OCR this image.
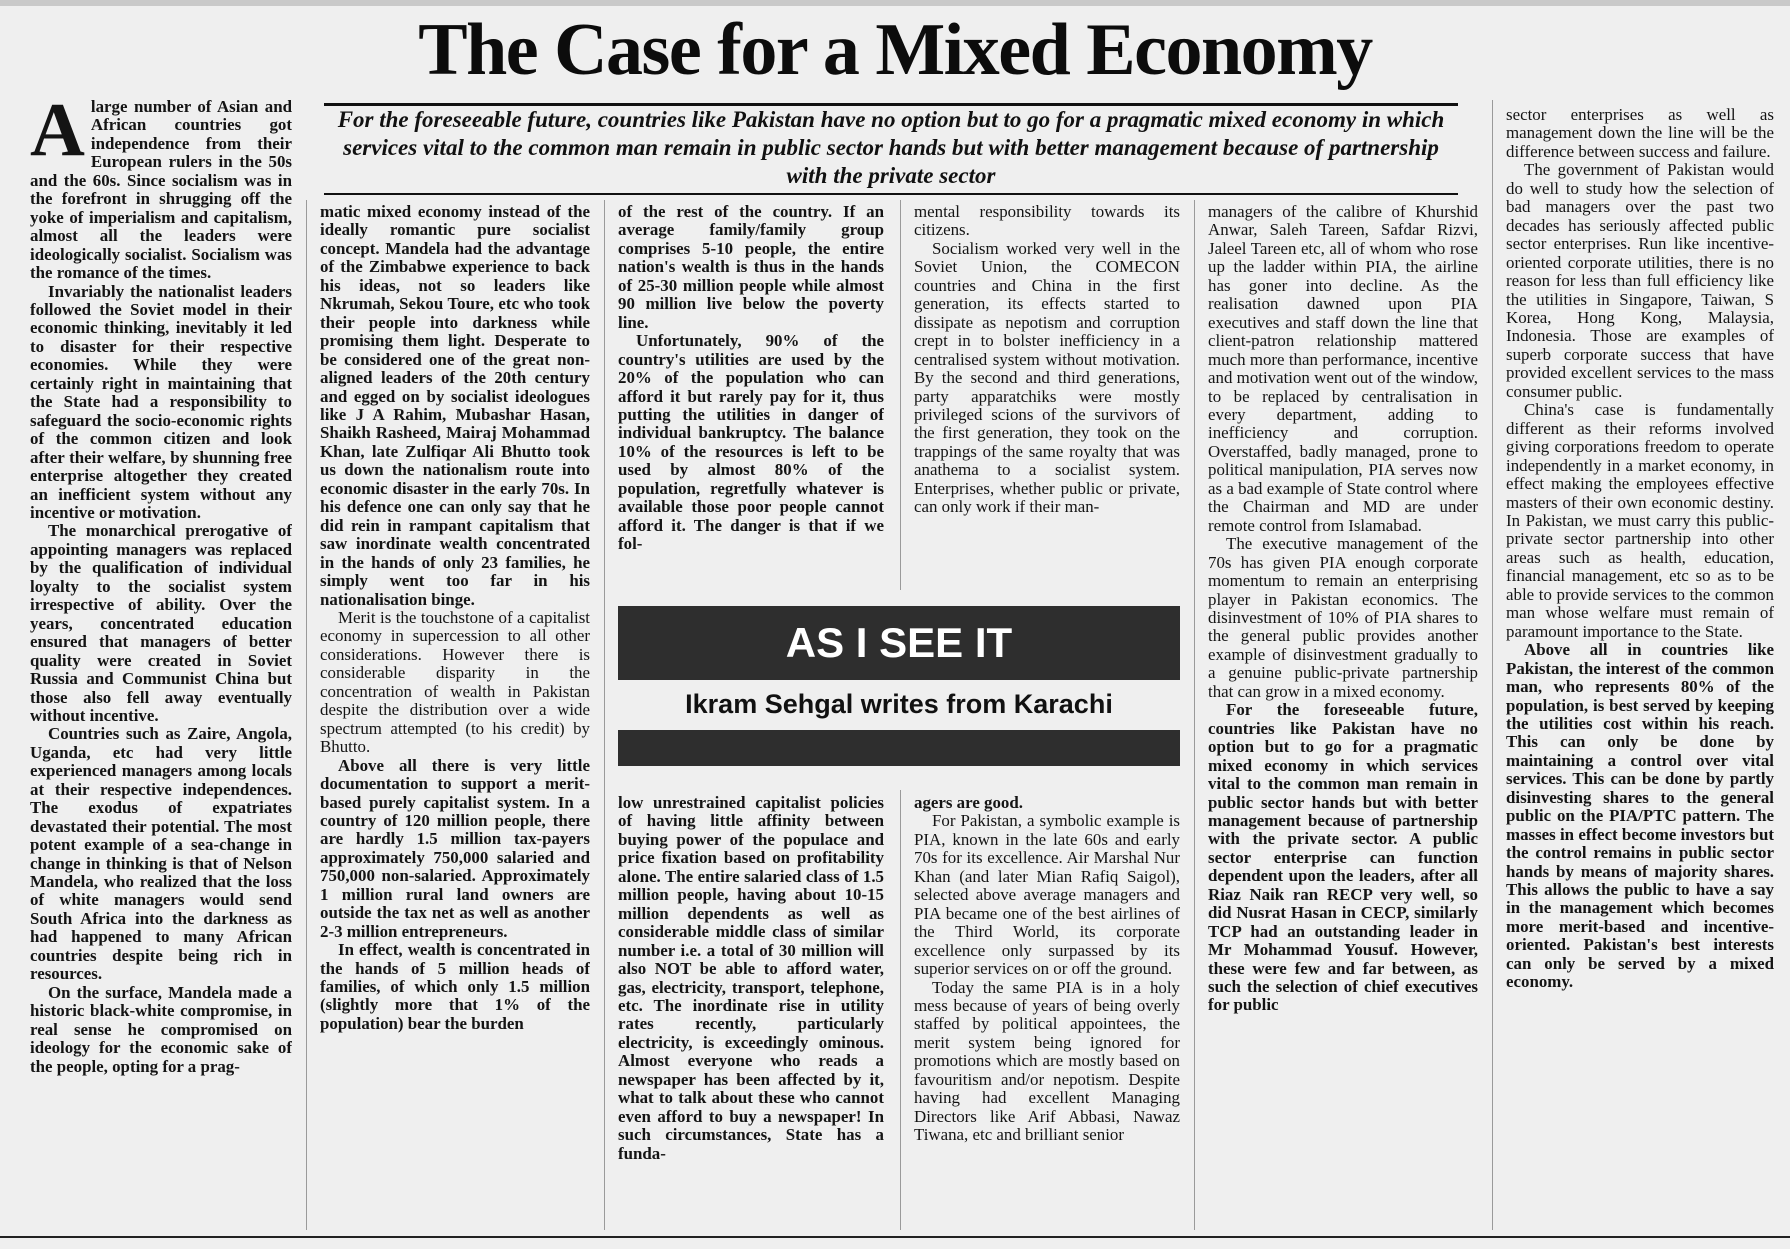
The Case for a Mixed Economy
For the foreseeable future, countries like Pakistan have no option but to go for a pragmatic mixed economy in which services vital to the common man remain in public sector hands but with better management because of partnership with the private sector

Alarge number of Asian and African countries got independence from their European rulers in the 50s and the 60s. Since socialism was in the forefront in shrugging off the yoke of imperialism and capitalism, almost all the leaders were ideologically socialist. Socialism was the romance of the times.

Invariably the nationalist leaders followed the Soviet model in their economic thinking, inevitably it led to disaster for their respective economies. While they were certainly right in maintaining that the State had a responsibility to safeguard the socio-economic rights of the common citizen and look after their welfare, by shunning free enterprise altogether they created an inefficient system without any incentive or motivation.

The monarchical prerogative of appointing managers was replaced by the qualification of individual loyalty to the socialist system irrespective of ability. Over the years, concentrated education ensured that managers of better quality were created in Soviet Russia and Communist China but those also fell away eventually without incentive.

Countries such as Zaire, Angola, Uganda, etc had very little experienced managers among locals at their respective independences. The exodus of expatriates devastated their potential. The most potent example of a sea-change in change in thinking is that of Nelson Mandela, who realized that the loss of white managers would send South Africa into the darkness as had happened to many African countries despite being rich in resources.

On the surface, Mandela made a historic black-white compromise, in real sense he compromised on ideology for the economic sake of the people, opting for a prag-

matic mixed economy instead of the ideally romantic pure socialist concept. Mandela had the advantage of the Zimbabwe experience to back his ideas, not so leaders like Nkrumah, Sekou Toure, etc who took their people into darkness while promising them light. Desperate to be considered one of the great non-aligned leaders of the 20th century and egged on by socialist ideologues like J A Rahim, Mubashar Hasan, Shaikh Rasheed, Mairaj Mohammad Khan, late Zulfiqar Ali Bhutto took us down the nationalism route into economic disaster in the early 70s. In his defence one can only say that he did rein in rampant capitalism that saw inordinate wealth concentrated in the hands of only 23 families, he simply went too far in his nationalisation binge.

Merit is the touchstone of a capitalist economy in supercession to all other considerations. However there is considerable disparity in the concentration of wealth in Pakistan despite the distribution over a wide spectrum attempted (to his credit) by Bhutto.

Above all there is very little documentation to support a merit-based purely capitalist system. In a country of 120 million people, there are hardly 1.5 million tax-payers approximately 750,000 salaried and 750,000 non-salaried. Approximately 1 million rural land owners are outside the tax net as well as another 2-3 million entrepreneurs.

In effect, wealth is concentrated in the hands of 5 million heads of families, of which only 1.5 million (slightly more that 1% of the population) bear the burden

of the rest of the country. If an average family/family group comprises 5-10 people, the entire nation's wealth is thus in the hands of 25-30 million people while almost 90 million live below the poverty line.

Unfortunately, 90% of the country's utilities are used by the 20% of the population who can afford it but rarely pay for it, thus putting the utilities in danger of individual bankruptcy. The balance 10% of the resources is left to be used by almost 80% of the population, regretfully whatever is available those poor people cannot afford it. The danger is that if we fol-

mental responsibility towards its citizens.

Socialism worked very well in the Soviet Union, the COMECON countries and China in the first generation, its effects started to dissipate as nepotism and corruption crept in to bolster inefficiency in a centralised system without motivation. By the second and third generations, party apparatchiks were mostly privileged scions of the survivors of the first generation, they took on the trappings of the same royalty that was anathema to a socialist system. Enterprises, whether public or private, can only work if their man-

AS I SEE IT
Ikram Sehgal writes from Karachi

low unrestrained capitalist policies of having little affinity between buying power of the populace and price fixation based on profitability alone. The entire salaried class of 1.5 million people, having about 10-15 million dependents as well as considerable middle class of similar number i.e. a total of 30 million will also NOT be able to afford water, gas, electricity, transport, telephone, etc. The inordinate rise in utility rates recently, particularly electricity, is exceedingly ominous. Almost everyone who reads a newspaper has been affected by it, what to talk about these who cannot even afford to buy a newspaper! In such circumstances, State has a funda-

agers are good.

For Pakistan, a symbolic example is PIA, known in the late 60s and early 70s for its excellence. Air Marshal Nur Khan (and later Mian Rafiq Saigol), selected above average managers and PIA became one of the best airlines of the Third World, its corporate excellence only surpassed by its superior services on or off the ground.

Today the same PIA is in a holy mess because of years of being overly staffed by political appointees, the merit system being ignored for promotions which are mostly based on favouritism and/or nepotism. Despite having had excellent Managing Directors like Arif Abbasi, Nawaz Tiwana, etc and brilliant senior

managers of the calibre of Khurshid Anwar, Saleh Tareen, Safdar Rizvi, Jaleel Tareen etc, all of whom who rose up the ladder within PIA, the airline has goner into decline. As the realisation dawned upon PIA executives and staff down the line that client-patron relationship mattered much more than performance, incentive and motivation went out of the window, to be replaced by centralisation in every department, adding to inefficiency and corruption. Overstaffed, badly managed, prone to political manipulation, PIA serves now as a bad example of State control where the Chairman and MD are under remote control from Islamabad.

The executive management of the 70s has given PIA enough corporate momentum to remain an enterprising player in Pakistan economics. The disinvestment of 10% of PIA shares to the general public provides another example of disinvestment gradually to a genuine public-private partnership that can grow in a mixed economy.

For the foreseeable future, countries like Pakistan have no option but to go for a pragmatic mixed economy in which services vital to the common man remain in public sector hands but with better management because of partnership with the private sector. A public sector enterprise can function dependent upon the leaders, after all Riaz Naik ran RECP very well, so did Nusrat Hasan in CECP, similarly TCP had an outstanding leader in Mr Mohammad Yousuf. However, these were few and far between, as such the selection of chief executives for public

sector enterprises as well as management down the line will be the difference between success and failure.

The government of Pakistan would do well to study how the selection of bad managers over the past two decades has seriously affected public sector enterprises. Run like incentive-oriented corporate utilities, there is no reason for less than full efficiency like the utilities in Singapore, Taiwan, S Korea, Hong Kong, Malaysia, Indonesia. Those are examples of superb corporate success that have provided excellent services to the mass consumer public.

China's case is fundamentally different as their reforms involved giving corporations freedom to operate independently in a market economy, in effect making the employees effective masters of their own economic destiny. In Pakistan, we must carry this public-private sector partnership into other areas such as health, education, financial management, etc so as to be able to provide services to the common man whose welfare must remain of paramount importance to the State.

Above all in countries like Pakistan, the interest of the common man, who represents 80% of the population, is best served by keeping the utilities cost within his reach. This can only be done by maintaining a control over vital services. This can be done by partly disinvesting shares to the general public on the PIA/PTC pattern. The masses in effect become investors but the control remains in public sector hands by means of majority shares. This allows the public to have a say in the management which becomes more merit-based and incentive-oriented. Pakistan's best interests can only be served by a mixed economy.
